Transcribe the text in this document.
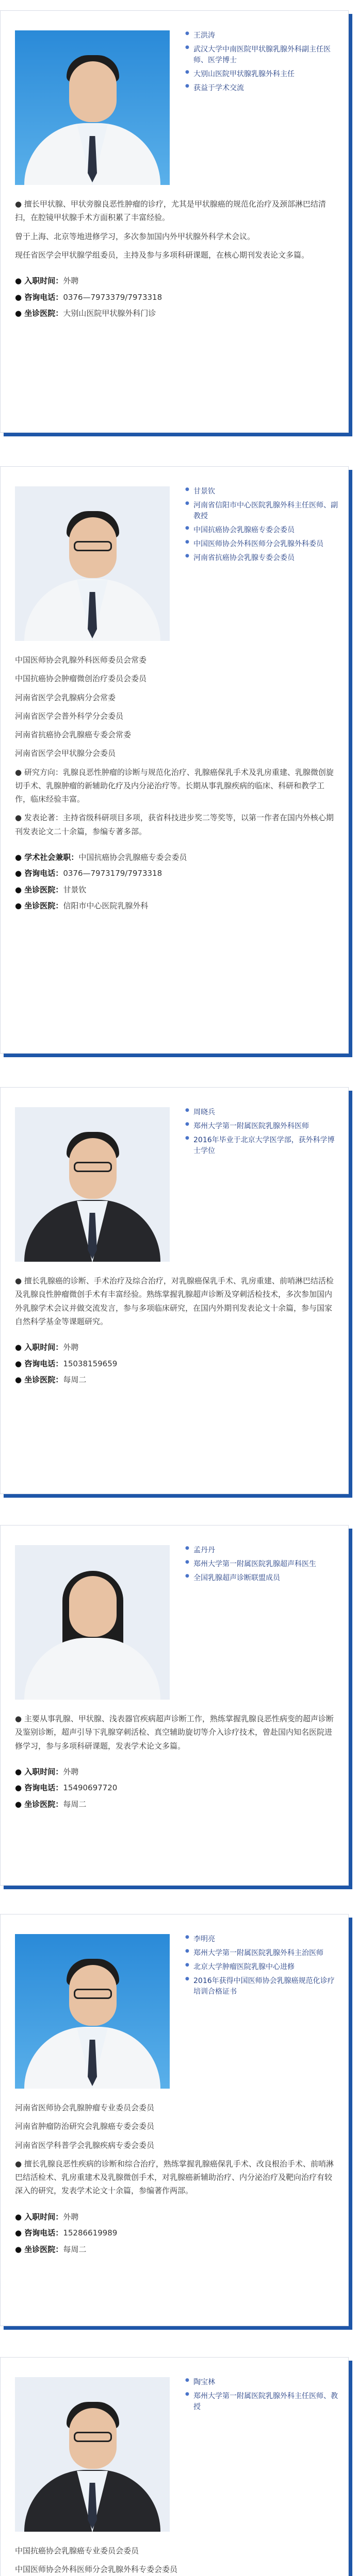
● 王洪涛
● 武汉大学中南医院甲状腺乳腺外科副主任医师、医学博士
● 大别山医院甲状腺乳腺外科主任
● 获益于学术交流

● 擅长甲状腺、甲状旁腺良恶性肿瘤的诊疗，尤其是甲状腺癌的规范化治疗及颈部淋巴结清扫，在腔镜甲状腺手术方面积累了丰富经验。

曾于上海、北京等地进修学习，多次参加国内外甲状腺外科学术会议。

现任省医学会甲状腺学组委员，主持及参与多项科研课题，在核心期刊发表论文多篇。

● 入职时间： 外聘
● 咨询电话： 0376—7973379/7973318
● 坐诊医院： 大别山医院甲状腺外科门诊
● 甘景钦
● 河南省信阳市中心医院乳腺外科主任医师、副教授
● 中国抗癌协会乳腺癌专委会委员
● 中国医师协会外科医师分会乳腺外科委员
● 河南省抗癌协会乳腺专委会委员

中国医师协会乳腺外科医师委员会常委

中国抗癌协会肿瘤微创治疗委员会委员

河南省医学会乳腺病分会常委

河南省医学会普外科学分会委员

河南省抗癌协会乳腺癌专委会常委

河南省医学会甲状腺分会委员

● 研究方向：乳腺良恶性肿瘤的诊断与规范化治疗、乳腺癌保乳手术及乳房重建、乳腺微创旋切手术、乳腺肿瘤的新辅助化疗及内分泌治疗等。长期从事乳腺疾病的临床、科研和教学工作，临床经验丰富。

● 发表论著：主持省级科研项目多项，获省科技进步奖二等奖等，以第一作者在国内外核心期刊发表论文二十余篇，参编专著多部。

● 学术社会兼职： 中国抗癌协会乳腺癌专委会委员
● 咨询电话： 0376—7973179/7973318
● 坐诊医院： 甘景钦
● 坐诊医院： 信阳市中心医院乳腺外科
● 周晓兵
● 郑州大学第一附属医院乳腺外科医师
● 2016年毕业于北京大学医学部，获外科学博士学位

● 擅长乳腺癌的诊断、手术治疗及综合治疗，对乳腺癌保乳手术、乳房重建、前哨淋巴结活检及乳腺良性肿瘤微创手术有丰富经验。熟练掌握乳腺超声诊断及穿刺活检技术，多次参加国内外乳腺学术会议并做交流发言，参与多项临床研究，在国内外期刊发表论文十余篇，参与国家自然科学基金等课题研究。

● 入职时间： 外聘
● 咨询电话： 15038159659
● 坐诊医院： 每周二
● 孟丹丹
● 郑州大学第一附属医院乳腺超声科医生
● 全国乳腺超声诊断联盟成员

● 主要从事乳腺、甲状腺、浅表器官疾病超声诊断工作，熟练掌握乳腺良恶性病变的超声诊断及鉴别诊断，超声引导下乳腺穿刺活检、真空辅助旋切等介入诊疗技术，曾赴国内知名医院进修学习，参与多项科研课题，发表学术论文多篇。

● 入职时间： 外聘
● 咨询电话： 15490697720
● 坐诊医院： 每周二
● 李明亮
● 郑州大学第一附属医院乳腺外科主治医师
● 北京大学肿瘤医院乳腺中心进修
● 2016年获得中国医师协会乳腺癌规范化诊疗培训合格证书

河南省医师协会乳腺肿瘤专业委员会委员

河南省肿瘤防治研究会乳腺癌专委会委员

河南省医学科普学会乳腺疾病专委会委员

● 擅长乳腺良恶性疾病的诊断和综合治疗，熟练掌握乳腺癌保乳手术、改良根治手术、前哨淋巴结活检术、乳房重建术及乳腺微创手术，对乳腺癌新辅助治疗、内分泌治疗及靶向治疗有较深入的研究，发表学术论文十余篇，参编著作两部。

● 入职时间： 外聘
● 咨询电话： 15286619989
● 坐诊医院： 每周二
● 陶宝林
● 郑州大学第一附属医院乳腺外科主任医师、教授

中国抗癌协会乳腺癌专业委员会委员

中国医师协会外科医师分会乳腺外科专委会委员
